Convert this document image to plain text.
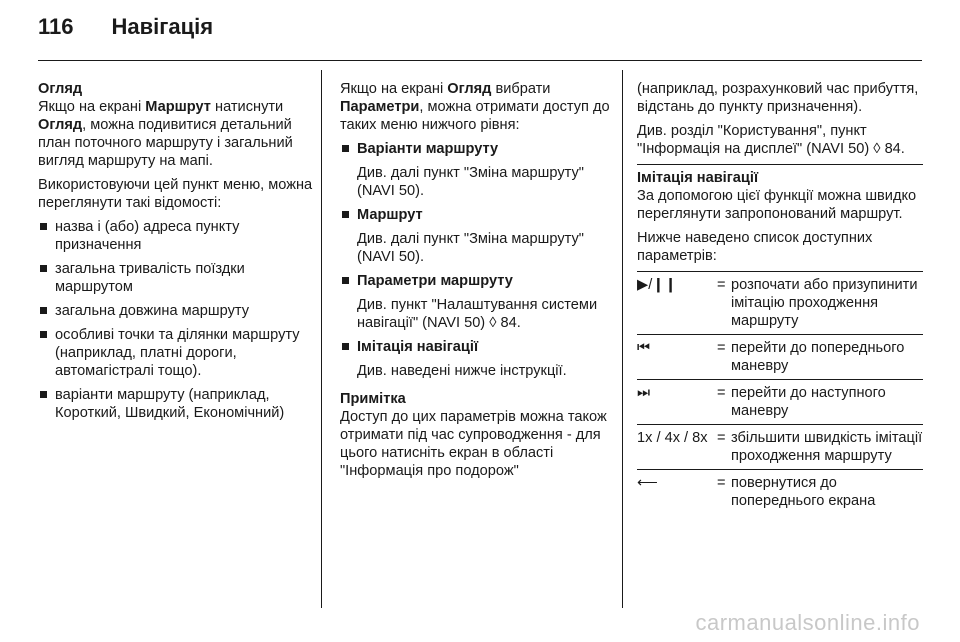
116 Навігація

Огляд
Якщо на екрані Маршрут натиснути Огляд, можна подивитися детальний план поточного маршруту і загальний вигляд маршруту на мапі.

Використовуючи цей пункт меню, можна переглянути такі відомості:

назва і (або) адреса пункту призначення
загальна тривалість поїздки маршрутом
загальна довжина маршруту
особливі точки та ділянки маршруту (наприклад, платні дороги, автомагістралі тощо).
варіанти маршруту (наприклад, Короткий, Швидкий, Економічний)

Якщо на екрані Огляд вибрати Параметри, можна отримати доступ до таких меню нижчого рівня:

Варіанти маршруту
Див. далі пункт "Зміна маршруту" (NAVI 50).
Маршрут
Див. далі пункт "Зміна маршруту" (NAVI 50).
Параметри маршруту
Див. пункт "Налаштування системи навігації" (NAVI 50) ◊ 84.
Імітація навігації
Див. наведені нижче інструкції.

Примітка
Доступ до цих параметрів можна також отримати під час супроводження - для цього натисніть екран в області "Інформація про подорож"

(наприклад, розрахунковий час прибуття, відстань до пункту призначення).

Див. розділ "Користування", пункт "Інформація на дисплеї" (NAVI 50) ◊ 84.

Імітація навігації
За допомогою цієї функції можна швидко переглянути запропонований маршрут.

Нижче наведено список доступних параметрів:

▶/❙❙	=	розпочати або призупинити імітацію проходження маршруту

⏮	=	перейти до попереднього маневру

⏭	=	перейти до наступного маневру

1x / 4x / 8x	=	збільшити швидкість імітації проходження маршруту

⟵	=	повернутися до попереднього екрана
carmanualsonline.info
